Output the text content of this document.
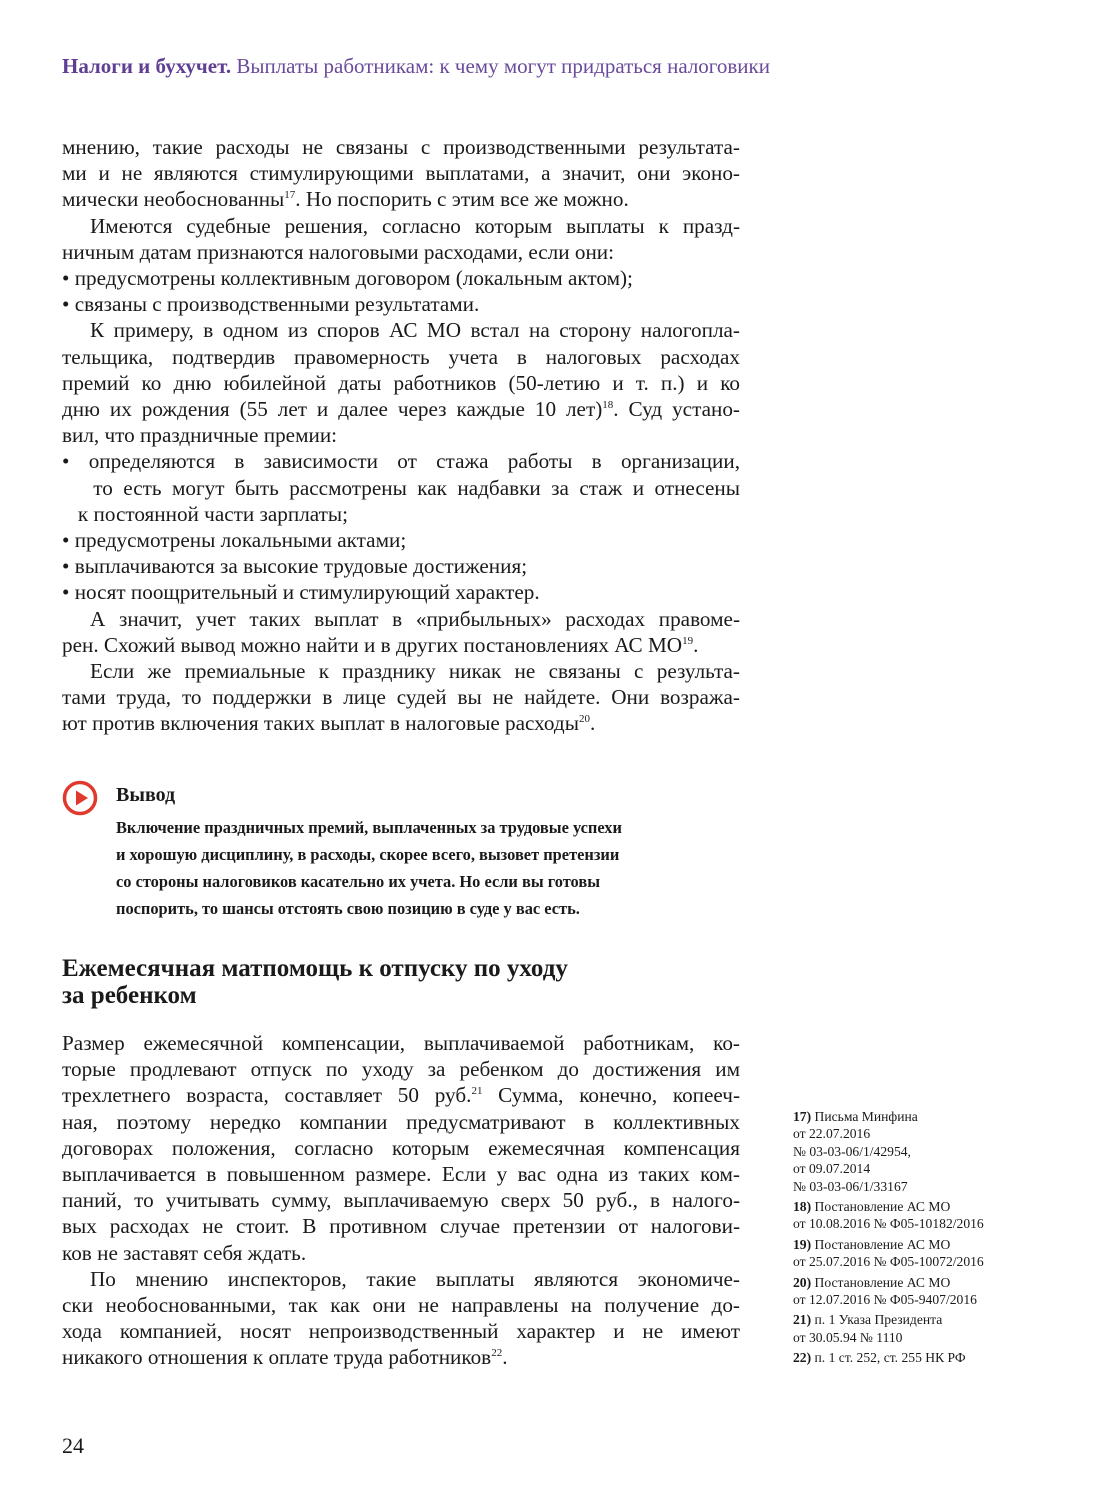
Налоги и бухучет. Выплаты работникам: к чему могут придраться налоговики

мнению, такие расходы не связаны с производственными результата-

ми и не являются стимулирующими выплатами, а значит, они эконо-

мически необоснованны$^{17}$. Но поспорить с этим все же можно.

Имеются судебные решения, согласно которым выплаты к празд-

ничным датам признаются налоговыми расходами, если они:

• предусмотрены коллективным договором (локальным актом);

• связаны с производственными результатами.

К примеру, в одном из споров АС МО встал на сторону налогопла-

тельщика, подтвердив правомерность учета в налоговых расходах

премий ко дню юбилейной даты работников (50-летию и т. п.) и ко

дню их рождения (55 лет и далее через каждые 10 лет)$^{18}$. Суд устано-

вил, что праздничные премии:

• определяются в зависимости от стажа работы в организации,

то есть могут быть рассмотрены как надбавки за стаж и отнесены

к постоянной части зарплаты;

• предусмотрены локальными актами;

• выплачиваются за высокие трудовые достижения;

• носят поощрительный и стимулирующий характер.

А значит, учет таких выплат в «прибыльных» расходах правоме-

рен. Схожий вывод можно найти и в других постановлениях АС МО$^{19}$.

Если же премиальные к празднику никак не связаны с результа-

тами труда, то поддержки в лице судей вы не найдете. Они возража-

ют против включения таких выплат в налоговые расходы$^{20}$.

Вывод

Включение праздничных премий, выплаченных за трудовые успехи

и хорошую дисциплину, в расходы, скорее всего, вызовет претензии

со стороны налоговиков касательно их учета. Но если вы готовы

поспорить, то шансы отстоять свою позицию в суде у вас есть.

Ежемесячная матпомощь к отпуску по уходу
за ребенком

Размер ежемесячной компенсации, выплачиваемой работникам, ко-

торые продлевают отпуск по уходу за ребенком до достижения им

трехлетнего возраста, составляет 50 руб.$^{21}$ Сумма, конечно, копееч-

ная, поэтому нередко компании предусматривают в коллективных

договорах положения, согласно которым ежемесячная компенсация

выплачивается в повышенном размере. Если у вас одна из таких ком-

паний, то учитывать сумму, выплачиваемую сверх 50 руб., в налого-

вых расходах не стоит. В противном случае претензии от налогови-

ков не заставят себя ждать.

По мнению инспекторов, такие выплаты являются экономиче-

ски необоснованными, так как они не направлены на получение до-

хода компанией, носят непроизводственный характер и не имеют

никакого отношения к оплате труда работников$^{22}$.

17) Письма Минфина
от 22.07.2016
№ 03-03-06/1/42954,
от 09.07.2014
№ 03-03-06/1/33167
18) Постановление АС МО
от 10.08.2016 № Ф05-10182/2016
19) Постановление АС МО
от 25.07.2016 № Ф05-10072/2016
20) Постановление АС МО
от 12.07.2016 № Ф05-9407/2016
21) п. 1 Указа Президента
от 30.05.94 № 1110
22) п. 1 ст. 252, ст. 255 НК РФ
24
